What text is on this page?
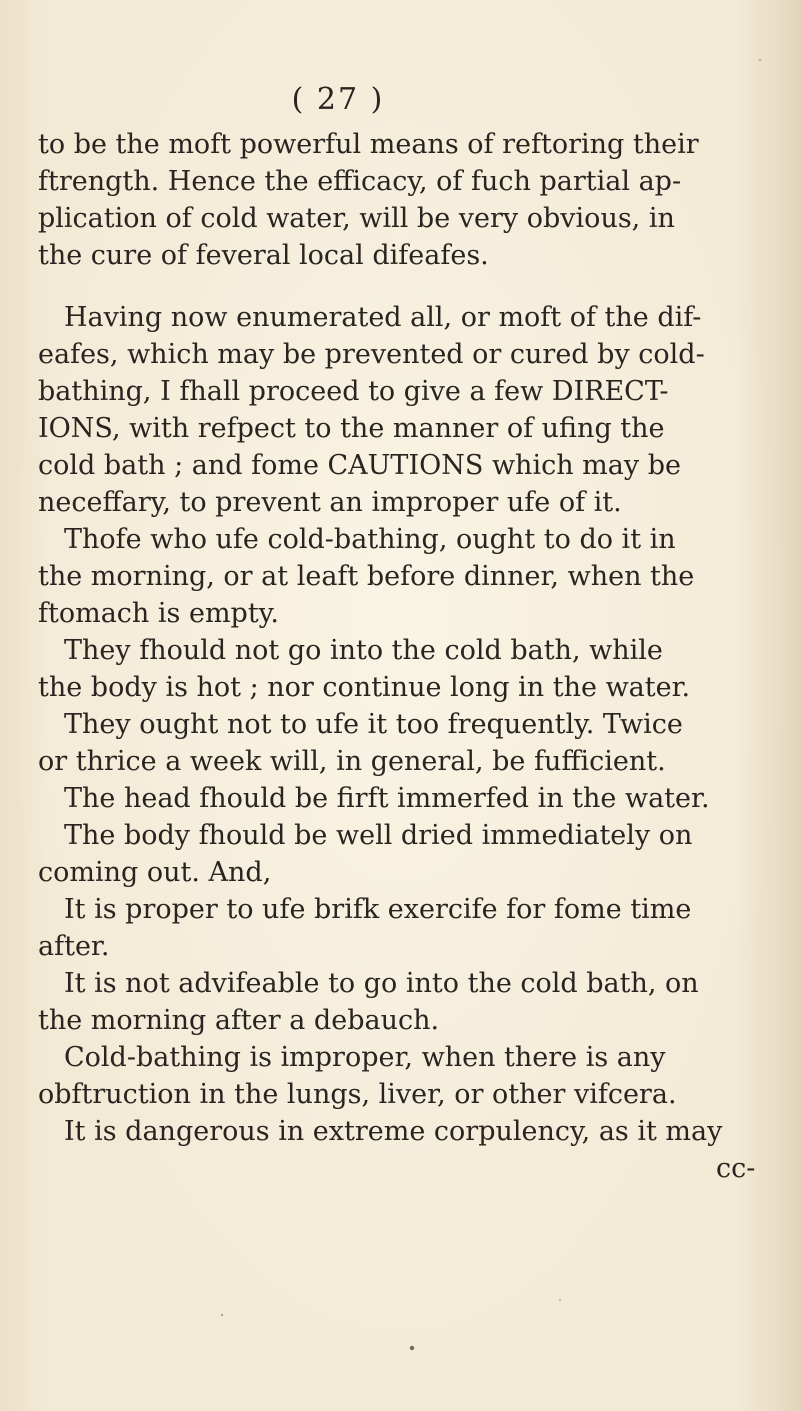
( 27 )
to be the moft powerful means of reftoring their
ftrength. Hence the efficacy, of fuch partial ap-
plication of cold water, will be very obvious, in
the cure of feveral local difeafes.
Having now enumerated all, or moft of the dif-
eafes, which may be prevented or cured by cold-
bathing, I fhall proceed to give a few DIRECT-
IONS, with refpect to the manner of ufing the
cold bath ; and fome CAUTIONS which may be
neceffary, to prevent an improper ufe of it.
Thofe who ufe cold-bathing, ought to do it in
the morning, or at leaft before dinner, when the
ftomach is empty.
They fhould not go into the cold bath, while
the body is hot ; nor continue long in the water.
They ought not to ufe it too frequently. Twice
or thrice a week will, in general, be fufficient.
The head fhould be firft immerfed in the water.
The body fhould be well dried immediately on
coming out. And,
It is proper to ufe brifk exercife for fome time
after.
It is not advifeable to go into the cold bath, on
the morning after a debauch.
Cold-bathing is improper, when there is any
obftruction in the lungs, liver, or other vifcera.
It is dangerous in extreme corpulency, as it may
cc-
